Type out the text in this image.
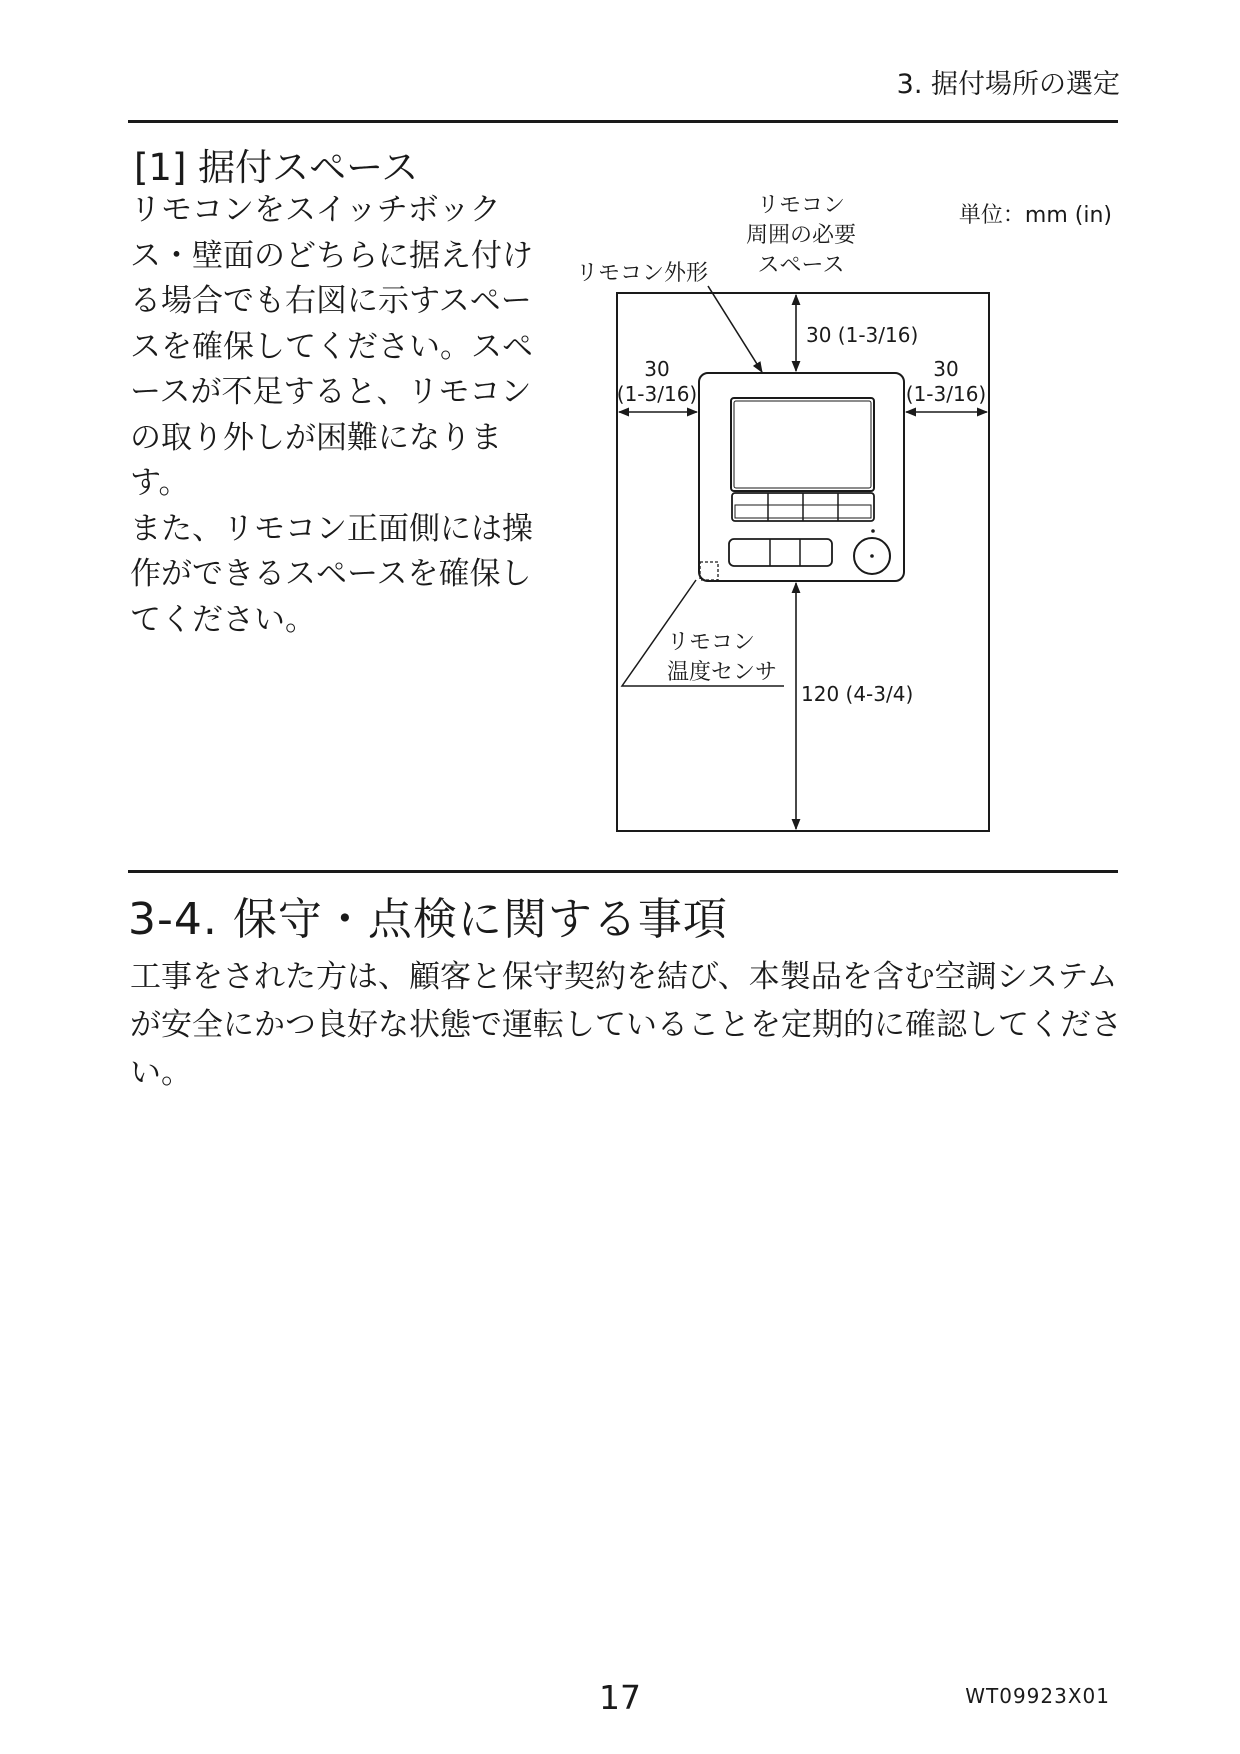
3. 据付場所の選定
[1] 据付スペース

リモコンをスイッチボックス・壁面のどちらに据え付ける場合でも右図に示すスペースを確保してください。スペースが不足すると、リモコンの取り外しが困難になります。

また、リモコン正面側には操作ができるスペースを確保してください。

単位：mm (in)
リモコン
周囲の必要
スペース
リモコン外形
30 (1-3/16)
30
(1-3/16)
30
(1-3/16)
120 (4-3/4)
リモコン
温度センサ
3-4. 保守・点検に関する事項
工事をされた方は、顧客と保守契約を結び、本製品を含む空調システムが安全にかつ良好な状態で運転していることを定期的に確認してください。
17	WT09923X01
